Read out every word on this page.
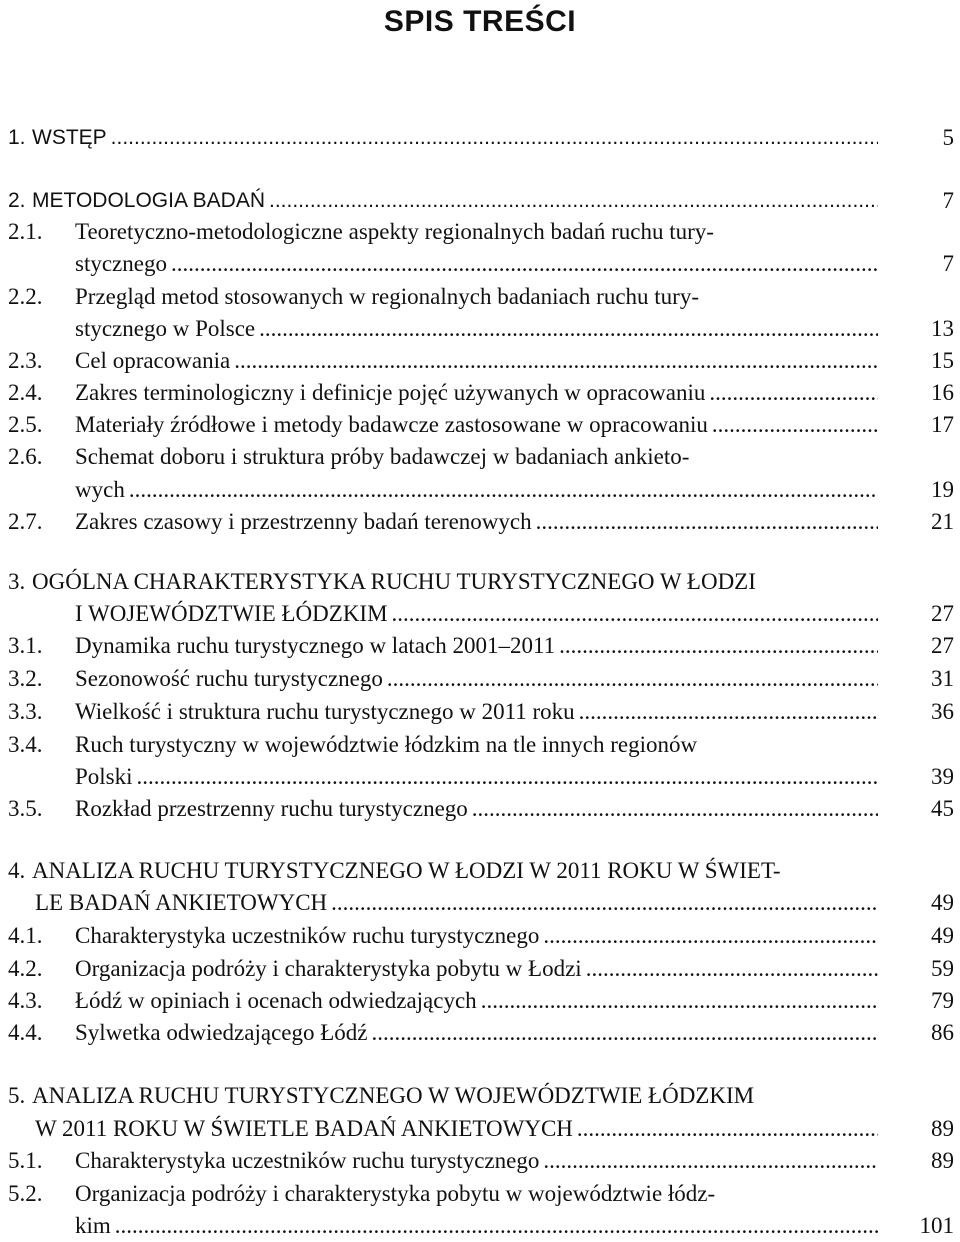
SPIS TREŚCI
1. WSTĘP .....	5
2. METODOLOGIA BADAŃ .....	7
2.1. Teoretyczno-metodologiczne aspekty regionalnych badań ruchu tury-
stycznego .....	7
2.2. Przegląd metod stosowanych w regionalnych badaniach ruchu tury-
stycznego w Polsce .....	13
2.3. Cel opracowania .....	15
2.4. Zakres terminologiczny i definicje pojęć używanych w opracowaniu .....	16
2.5. Materiały źródłowe i metody badawcze zastosowane w opracowaniu .....	17
2.6. Schemat doboru i struktura próby badawczej w badaniach ankieto-
wych .....	19
2.7. Zakres czasowy i przestrzenny badań terenowych .....	21
3. OGÓLNA CHARAKTERYSTYKA RUCHU TURYSTYCZNEGO W ŁODZI
I WOJEWÓDZTWIE ŁÓDZKIM .....	27
3.1. Dynamika ruchu turystycznego w latach 2001–2011 .....	27
3.2. Sezonowość ruchu turystycznego .....	31
3.3. Wielkość i struktura ruchu turystycznego w 2011 roku .....	36
3.4. Ruch turystyczny w województwie łódzkim na tle innych regionów
Polski .....	39
3.5. Rozkład przestrzenny ruchu turystycznego .....	45
4. ANALIZA RUCHU TURYSTYCZNEGO W ŁODZI W 2011 ROKU W ŚWIET-
LE BADAŃ ANKIETOWYCH .....	49
4.1. Charakterystyka uczestników ruchu turystycznego .....	49
4.2. Organizacja podróży i charakterystyka pobytu w Łodzi .....	59
4.3. Łódź w opiniach i ocenach odwiedzających .....	79
4.4. Sylwetka odwiedzającego Łódź .....	86
5. ANALIZA RUCHU TURYSTYCZNEGO W WOJEWÓDZTWIE ŁÓDZKIM
W 2011 ROKU W ŚWIETLE BADAŃ ANKIETOWYCH .....	89
5.1. Charakterystyka uczestników ruchu turystycznego .....	89
5.2. Organizacja podróży i charakterystyka pobytu w województwie łódz-
kim .....	101
